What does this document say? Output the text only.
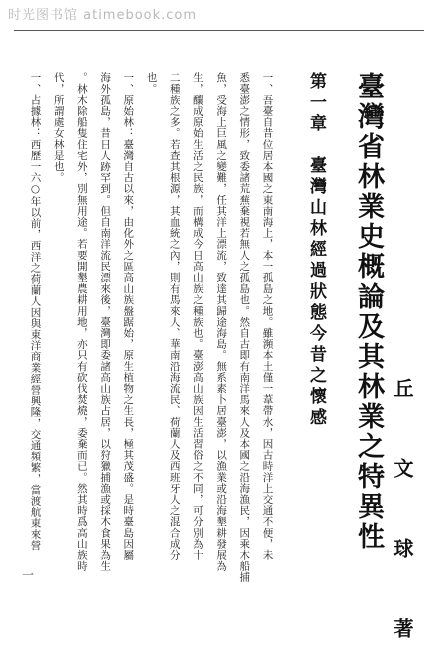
时光图书馆 atimebook.com
臺灣省林業史概論及其林業之特異性 丘 文 球 著
第一章　臺灣山林經過狀態今昔之懷感
一、吾臺自昔位居本國之東南海上，本一孤島之地。雖瀕本土僅一葦帶水，因古時洋上交通不便，未
悉臺澎之情形，致委諸荒蕪棄視若無人之孤島也。然自古即有南洋馬來人及本國之沿海漁民，因乘木船捕
魚，受海上巨風之變難，任其洋上漂流，致達其歸途海島。無系素卜居臺澎，以漁業或沿海墾耕發展為
生，釀成原始生活之民族，而構成今日高山族之種族也。臺澎高山族因生活習俗之不同，可分別為十
二種族之多。若查其根源，其血統之內，則有馬來人、華南沿海流民、荷蘭人及西班牙人之混合成分
也。
一、原始林：臺灣自古以來，由化外之區高山族盤踞始，原生植物之生長，極其茂盛。是時臺島因屬
海外孤島，昔日人跡罕到。但自南洋流民漂來後，臺灣即委諸高山族占居，以狩獵捕漁或採木食果為生
。林木除船隻住宅外，別無用途。若要開墾農耕用地，亦只有砍伐焚燒，委棄而已。然其時爲高山族時
代，所謂處女林是也。
一、占據林：西歷一六○年以前，西洋之荷蘭人因與東洋商業經營興隆，交通頻繁，當渡航東來營
一
